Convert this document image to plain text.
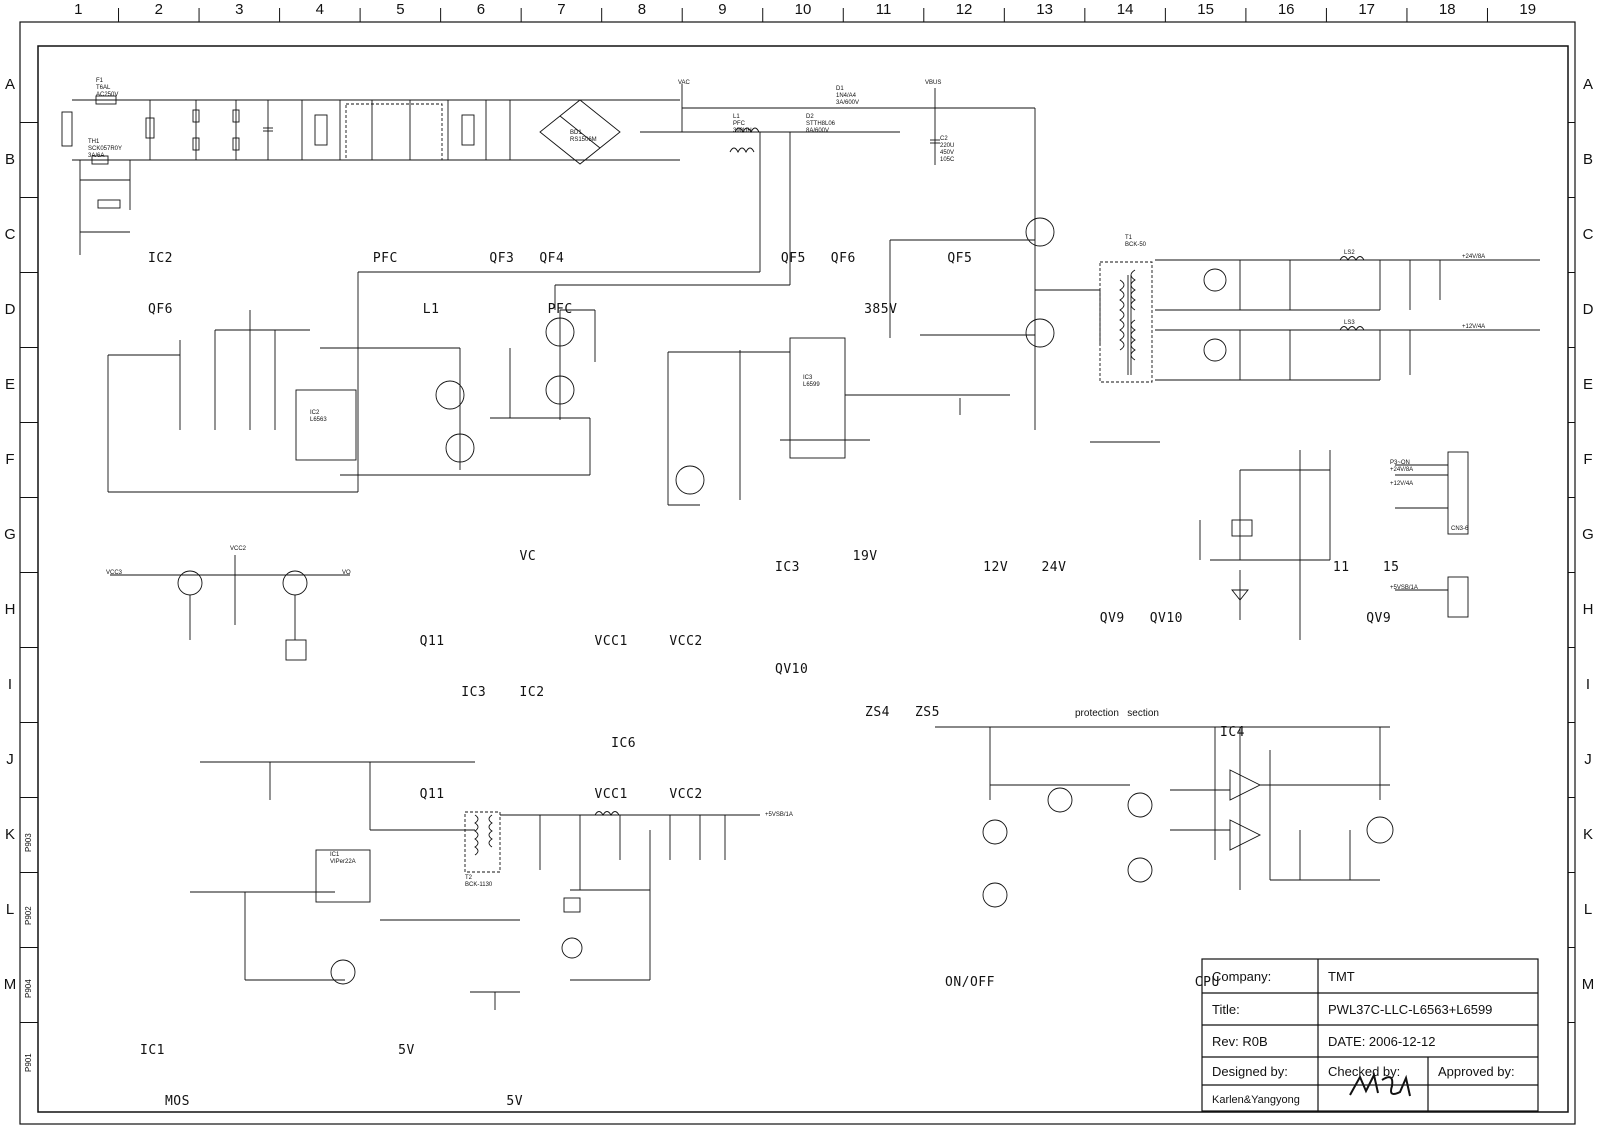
1	2	3	4	5	6	7	8	9	10	11	12	13	14	15	16	17	18	19
A	A
B	B
C	C
D	D
E	E
F	F
G	G
H	H
I	I
J	J
K	K
L	L
M	M

IC2                        PFC           QF3   QF4                          QF5   QF6           QF5

QF6                              L1             PFC                                   385V

VC                                      19V

Q11                  VCC1     VCC2

IC3    IC2

IC6

Q11                  VCC1     VCC2

IC3                      12V    24V                                11    15

QV9   QV10                      QV9

QV10

ZS4   ZS5

IC4

protection   section

ON/OFF                        CPU

IC1                            5V

MOS                                      5V

P903
P902
P904
P901
F1
T6AL
AC250V
TH1
SCK057R0Y
3A/6A
BD1
RS1506M
T1
BCK-50
T2
BCK-1130
IC3
L6599
IC2
L6563
IC1
VIPer22A
+24V/8A
+12V/4A
+5VSB/1A
VBUS
VAC
VCC2
VCC3	VO
P3~ON
+24V/8A

+12V/4A
+5VSB/1A
CN3-6
L1
PFC
390UH
D1
1N4/A4
3A/600V
D2
STTH8L06
8A/600V
C2
220U
450V
105C
LS2
LS3
Company:	TMT
Title:	PWL37C-LLC-L6563+L6599
Rev: R0B	DATE: 2006-12-12
Designed by:	Checked by:	Approved by:
Karlen&Yangyong
